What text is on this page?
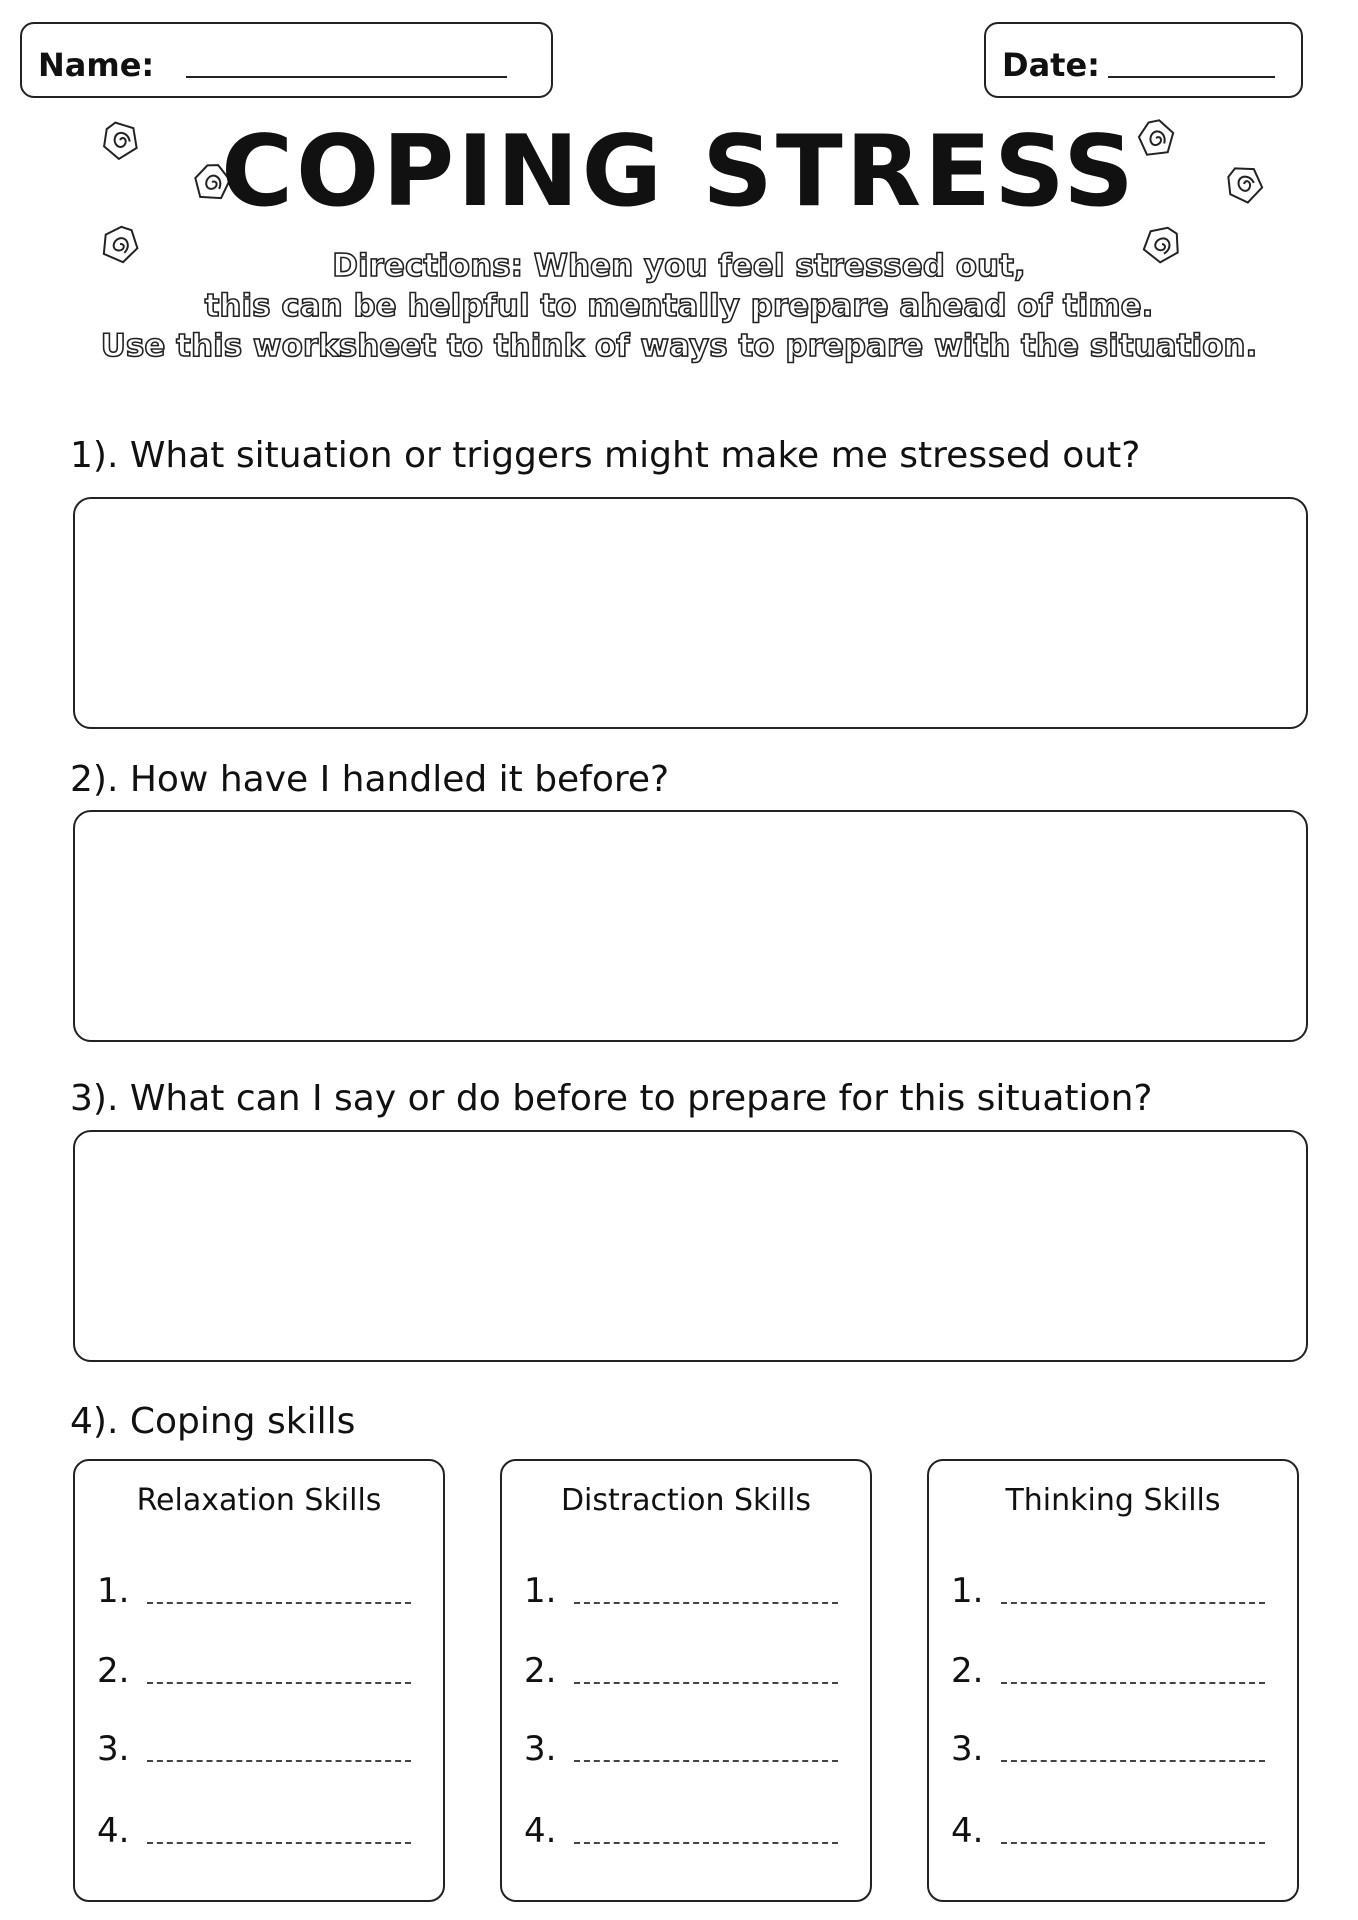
Name:	Date:
COPING STRESS
Directions: When you feel stressed out,
this can be helpful to mentally prepare ahead of time.
Use this worksheet to think of ways to prepare with the situation.
1). What situation or triggers might make me stressed out?
2). How have I handled it before?
3). What can I say or do before to prepare for this situation?
4). Coping skills
Relaxation Skills
1.
2.
3.
4.
Distraction Skills
1.
2.
3.
4.
Thinking Skills
1.
2.
3.
4.
